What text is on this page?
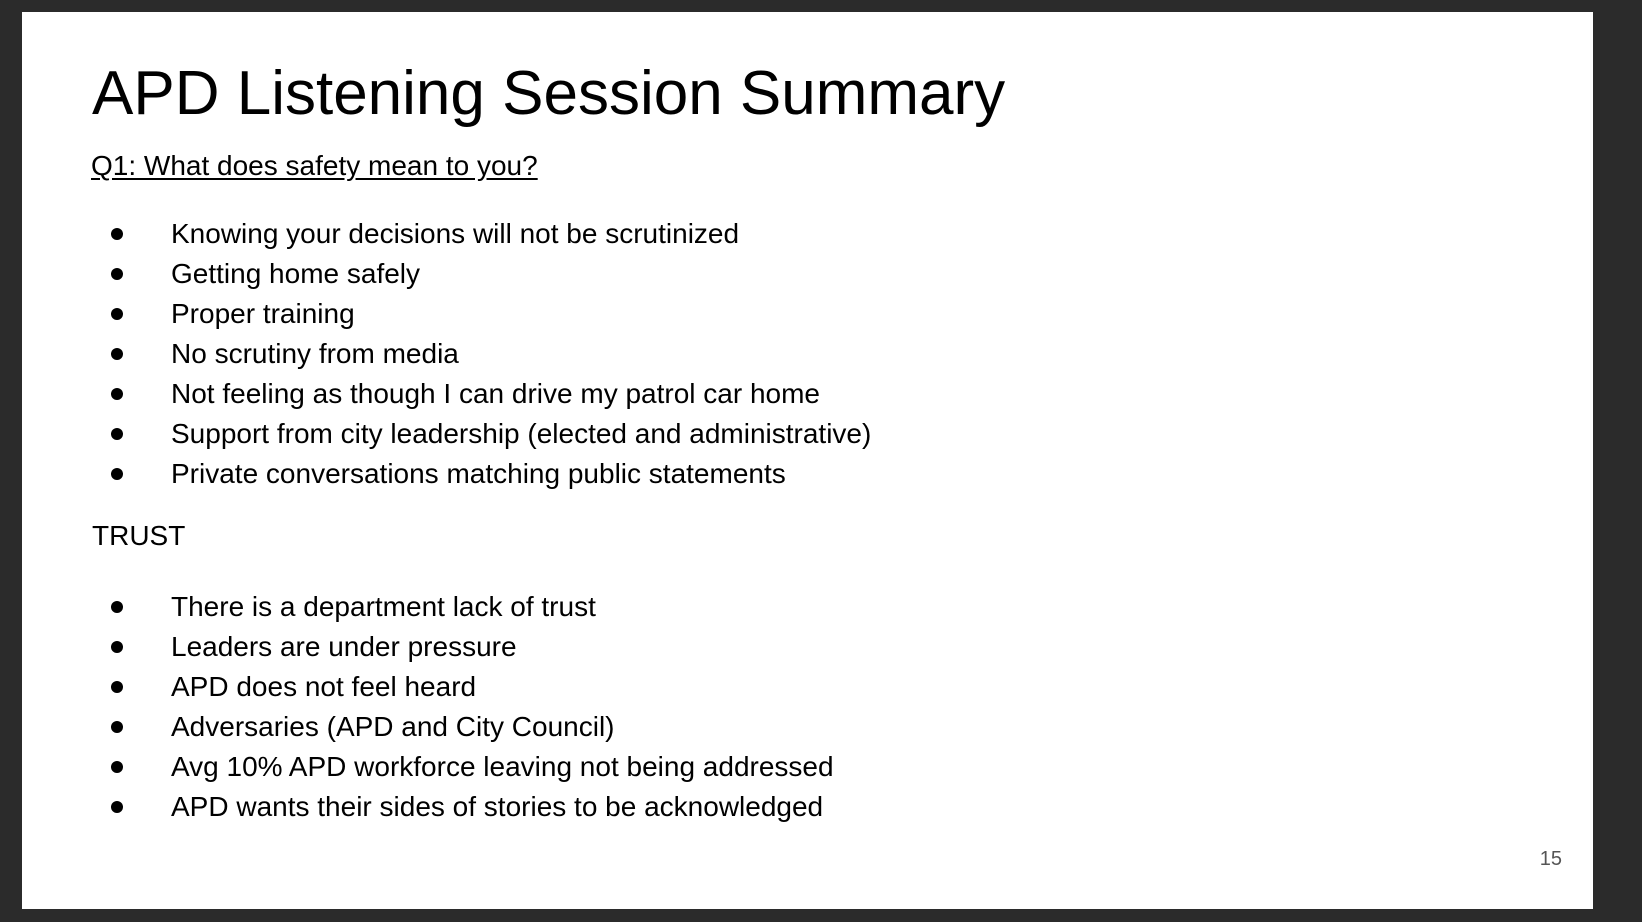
APD Listening Session Summary
Q1: What does safety mean to you?
Knowing your decisions will not be scrutinized
Getting home safely
Proper training
No scrutiny from media
Not feeling as though I can drive my patrol car home
Support from city leadership (elected and administrative)
Private conversations matching public statements
TRUST
There is a department lack of trust
Leaders are under pressure
APD does not feel heard
Adversaries (APD and City Council)
Avg 10% APD workforce leaving not being addressed
APD wants their sides of stories to be acknowledged
15
